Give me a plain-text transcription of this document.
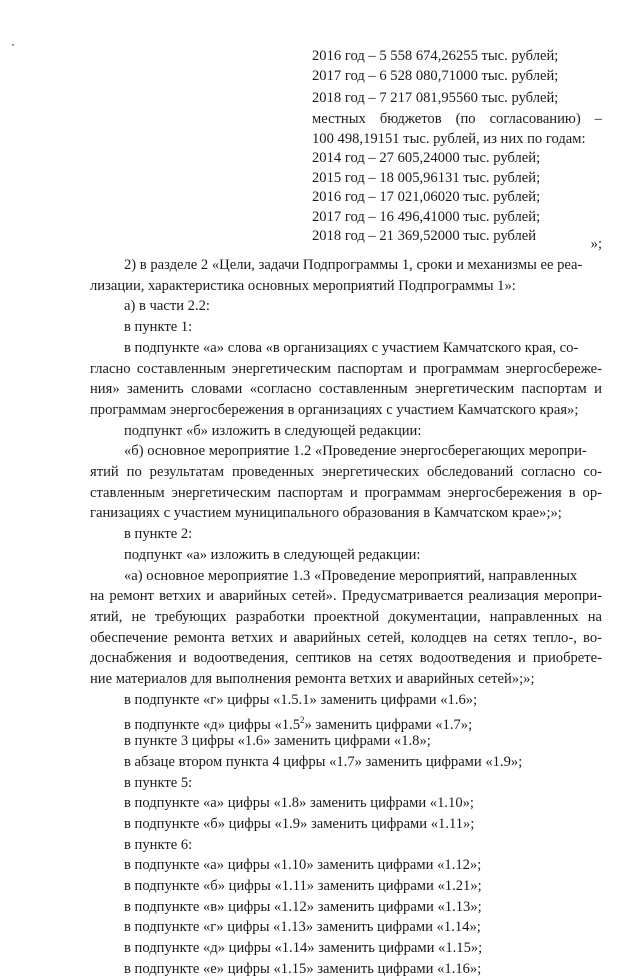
2016 год – 5 558 674,26255 тыс. рублей;
2017 год – 6 528 080,71000 тыс. рублей;
2018 год – 7 217 081,95560 тыс. рублей;
местных бюджетов (по согласованию) –
100 498,19151 тыс. рублей, из них по годам:
2014 год – 27 605,24000 тыс. рублей;
2015 год – 18 005,96131 тыс. рублей;
2016 год – 17 021,06020 тыс. рублей;
2017 год – 16 496,41000 тыс. рублей;
2018 год – 21 369,52000 тыс. рублей	»;
2) в разделе 2 «Цели, задачи Подпрограммы 1, сроки и механизмы ее реа-
лизации, характеристика основных мероприятий Подпрограммы 1»:
а) в части 2.2:
в пункте 1:
в подпункте «а» слова «в организациях с участием Камчатского края, со-
гласно составленным энергетическим паспортам и программам энергосбереже-
ния» заменить словами «согласно составленным энергетическим паспортам и
программам энергосбережения в организациях с участием Камчатского края»;
подпункт «б» изложить в следующей редакции:
«б) основное мероприятие 1.2 «Проведение энергосберегающих меропри-
ятий по результатам проведенных энергетических обследований согласно со-
ставленным энергетическим паспортам и программам энергосбережения в ор-
ганизациях с участием муниципального образования в Камчатском крае»;»;
в пункте 2:
подпункт «а» изложить в следующей редакции:
«а) основное мероприятие 1.3 «Проведение мероприятий, направленных
на ремонт ветхих и аварийных сетей». Предусматривается реализация меропри-
ятий, не требующих разработки проектной документации, направленных на
обеспечение ремонта ветхих и аварийных сетей, колодцев на сетях тепло-, во-
доснабжения и водоотведения, септиков на сетях водоотведения и приобрете-
ние материалов для выполнения ремонта ветхих и аварийных сетей»;»;
в подпункте «г» цифры «1.5.1» заменить цифрами «1.6»;
в подпункте «д» цифры «$1.5^2$» заменить цифрами «1.7»;
в пункте 3 цифры «1.6» заменить цифрами «1.8»;
в абзаце втором пункта 4 цифры «1.7» заменить цифрами «1.9»;
в пункте 5:
в подпункте «а» цифры «1.8» заменить цифрами «1.10»;
в подпункте «б» цифры «1.9» заменить цифрами «1.11»;
в пункте 6:
в подпункте «а» цифры «1.10» заменить цифрами «1.12»;
в подпункте «б» цифры «1.11» заменить цифрами «1.21»;
в подпункте «в» цифры «1.12» заменить цифрами «1.13»;
в подпункте «г» цифры «1.13» заменить цифрами «1.14»;
в подпункте «д» цифры «1.14» заменить цифрами «1.15»;
в подпункте «е» цифры «1.15» заменить цифрами «1.16»;
